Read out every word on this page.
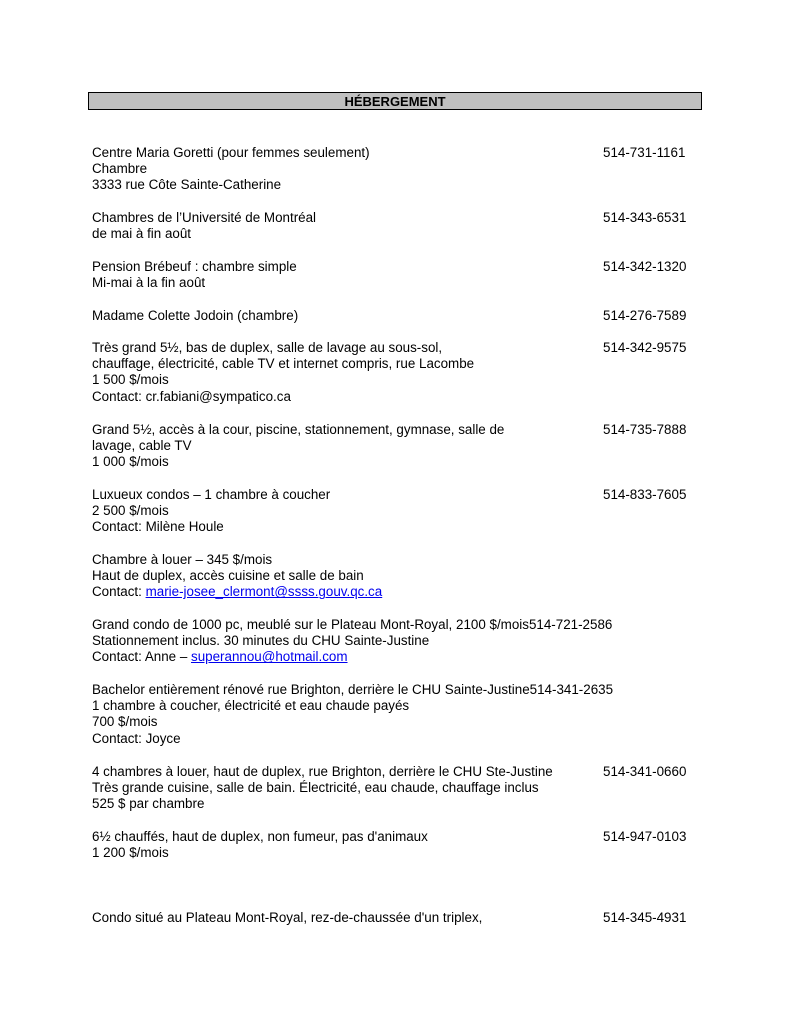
HÉBERGEMENT
Centre Maria Goretti (pour femmes seulement)
Chambre
3333 rue Côte Sainte-Catherine
514-731-1161
Chambres de l’Université de Montréal
de mai à fin août
514-343-6531
Pension Brébeuf : chambre simple
Mi-mai à la fin août
514-342-1320
Madame Colette Jodoin (chambre)	514-276-7589
Très grand 5½, bas de duplex, salle de lavage au sous-sol,
chauffage, électricité, cable TV et internet compris, rue Lacombe
1 500 $/mois
Contact: cr.fabiani@sympatico.ca
514-342-9575
Grand 5½, accès à la cour, piscine, stationnement, gymnase, salle de
lavage, cable TV
1 000 $/mois
514-735-7888
Luxueux condos – 1 chambre à coucher
2 500 $/mois
Contact: Milène Houle
514-833-7605
Chambre à louer – 345 $/mois
Haut de duplex, accès cuisine et salle de bain
Contact: marie-josee_clermont@ssss.gouv.qc.ca
Grand condo de 1000 pc, meublé sur le Plateau Mont-Royal, 2100 $/mois514-721-2586
Stationnement inclus. 30 minutes du CHU Sainte-Justine
Contact: Anne – superannou@hotmail.com
Bachelor entièrement rénové rue Brighton, derrière le CHU Sainte-Justine514-341-2635
1 chambre à coucher, électricité et eau chaude payés
700 $/mois
Contact: Joyce
4 chambres à louer, haut de duplex, rue Brighton, derrière le CHU Ste-Justine
Très grande cuisine, salle de bain. Électricité, eau chaude, chauffage inclus
525 $ par chambre
514-341-0660
6½ chauffés, haut de duplex, non fumeur, pas d'animaux
1 200 $/mois
514-947-0103
Condo situé au Plateau Mont-Royal, rez-de-chaussée d'un triplex,	514-345-4931
